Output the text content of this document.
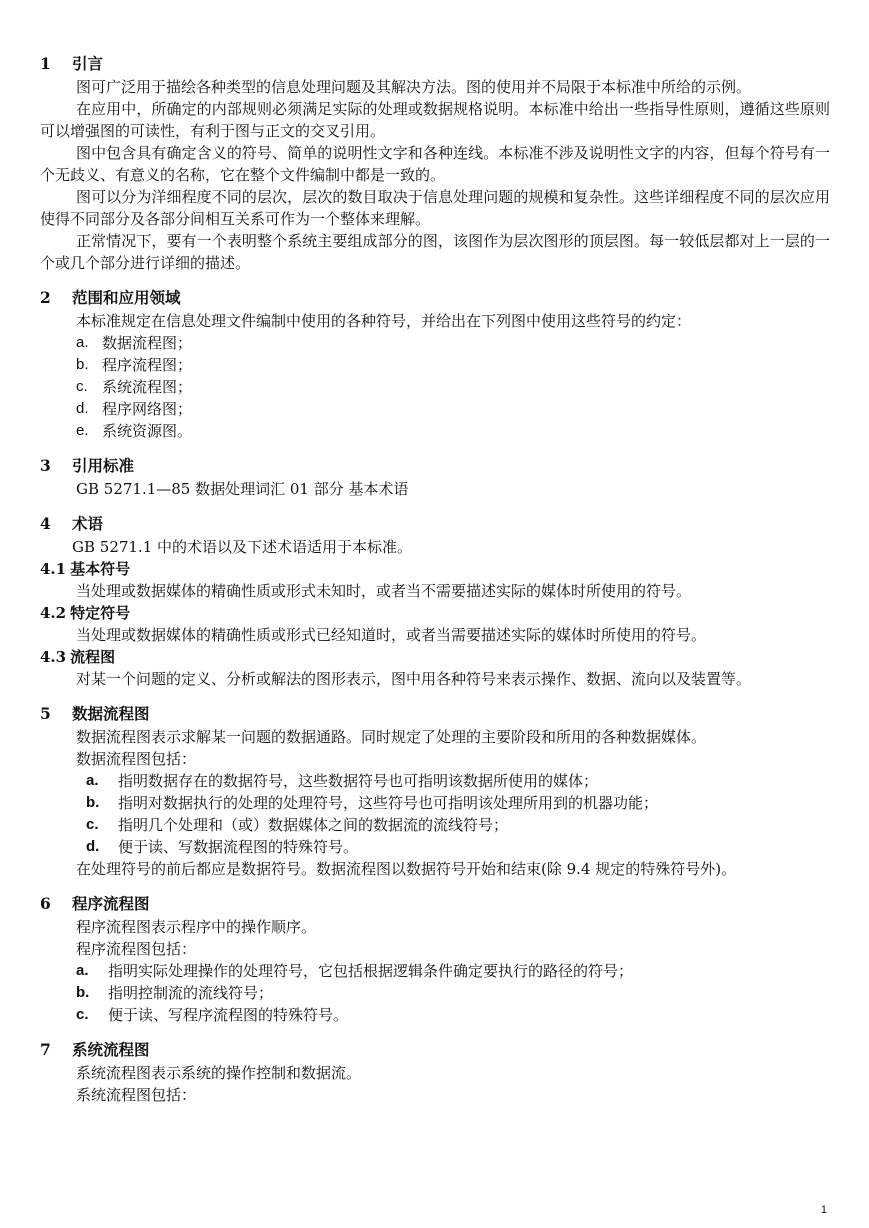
1 引言
图可广泛用于描绘各种类型的信息处理问题及其解决方法。图的使用并不局限于本标准中所给的示例。
在应用中，所确定的内部规则必须满足实际的处理或数据规格说明。本标准中给出一些指导性原则，遵循这些原则可以增强图的可读性，有利于图与正文的交叉引用。
图中包含具有确定含义的符号、简单的说明性文字和各种连线。本标准不涉及说明性文字的内容，但每个符号有一个无歧义、有意义的名称，它在整个文件编制中都是一致的。
图可以分为洋细程度不同的层次，层次的数目取决于信息处理问题的规模和复杂性。这些详细程度不同的层次应用使得不同部分及各部分间相互关系可作为一个整体来理解。
正常情况下，要有一个表明整个系统主要组成部分的图，该图作为层次图形的顶层图。每一较低层都对上一层的一个或几个部分进行详细的描述。
2 范围和应用领域
本标准规定在信息处理文件编制中使用的各种符号，并给出在下列图中使用这些符号的约定：
a. 数据流程图；
b. 程序流程图；
c. 系统流程图；
d. 程序网络图；
e. 系统资源图。
3 引用标准
GB 5271.1—85 数据处理词汇 01 部分 基本术语
4 术语
GB 5271.1 中的术语以及下述术语适用于本标准。
4.1 基本符号
当处理或数据媒体的精确性质或形式未知时，或者当不需要描述实际的媒体时所使用的符号。
4.2 特定符号
当处理或数据媒体的精确性质或形式已经知道时，或者当需要描述实际的媒体时所使用的符号。
4.3 流程图
对某一个问题的定义、分析或解法的图形表示，图中用各种符号来表示操作、数据、流向以及装置等。
5 数据流程图
数据流程图表示求解某一问题的数据通路。同时规定了处理的主要阶段和所用的各种数据媒体。
数据流程图包括：
a.	指明数据存在的数据符号，这些数据符号也可指明该数据所使用的媒体；
b.	指明对数据执行的处理的处理符号，这些符号也可指明该处理所用到的机器功能；
c.	指明几个处理和（或）数据媒体之间的数据流的流线符号；
d.	便于读、写数据流程图的特殊符号。
在处理符号的前后都应是数据符号。数据流程图以数据符号开始和结束(除 9.4 规定的特殊符号外)。
6 程序流程图
程序流程图表示程序中的操作顺序。
程序流程图包括：
a.	指明实际处理操作的处理符号，它包括根据逻辑条件确定要执行的路径的符号；
b.	指明控制流的流线符号；
c.	便于读、写程序流程图的特殊符号。
7 系统流程图
系统流程图表示系统的操作控制和数据流。
系统流程图包括：
1
